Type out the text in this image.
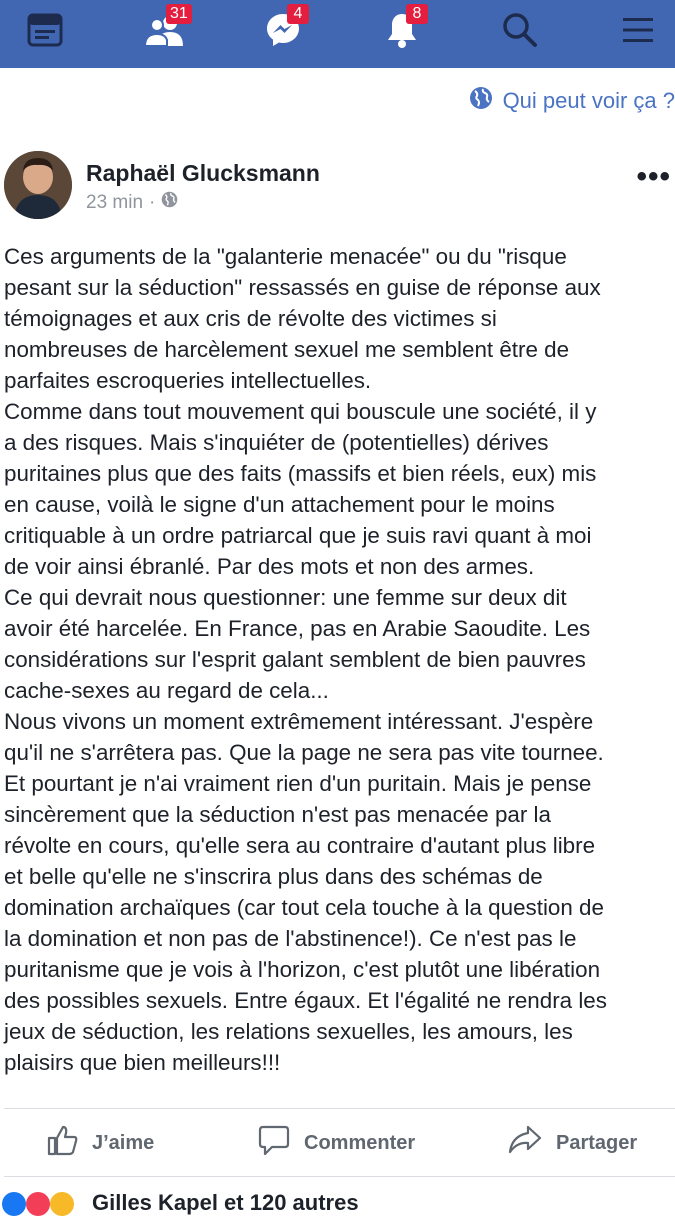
31	4	8
Qui peut voir ça ?
Raphaël Glucksmann
23 min ·
•••
Ces arguments de la "galanterie menacée" ou du "risque
pesant sur la séduction" ressassés en guise de réponse aux
témoignages et aux cris de révolte des victimes si
nombreuses de harcèlement sexuel me semblent être de
parfaites escroqueries intellectuelles.
Comme dans tout mouvement qui bouscule une société, il y
a des risques. Mais s'inquiéter de (potentielles) dérives
puritaines plus que des faits (massifs et bien réels, eux) mis
en cause, voilà le signe d'un attachement pour le moins
critiquable à un ordre patriarcal que je suis ravi quant à moi
de voir ainsi ébranlé. Par des mots et non des armes.
Ce qui devrait nous questionner: une femme sur deux dit
avoir été harcelée. En France, pas en Arabie Saoudite. Les
considérations sur l'esprit galant semblent de bien pauvres
cache-sexes au regard de cela...
Nous vivons un moment extrêmement intéressant. J'espère
qu'il ne s'arrêtera pas. Que la page ne sera pas vite tournee.
Et pourtant je n'ai vraiment rien d'un puritain. Mais je pense
sincèrement que la séduction n'est pas menacée par la
révolte en cours, qu'elle sera au contraire d'autant plus libre
et belle qu'elle ne s'inscrira plus dans des schémas de
domination archaïques (car tout cela touche à la question de
la domination et non pas de l'abstinence!). Ce n'est pas le
puritanisme que je vois à l'horizon, c'est plutôt une libération
des possibles sexuels. Entre égaux. Et l'égalité ne rendra les
jeux de séduction, les relations sexuelles, les amours, les
plaisirs que bien meilleurs!!!
J’aime	Commenter	Partager
Gilles Kapel et 120 autres
